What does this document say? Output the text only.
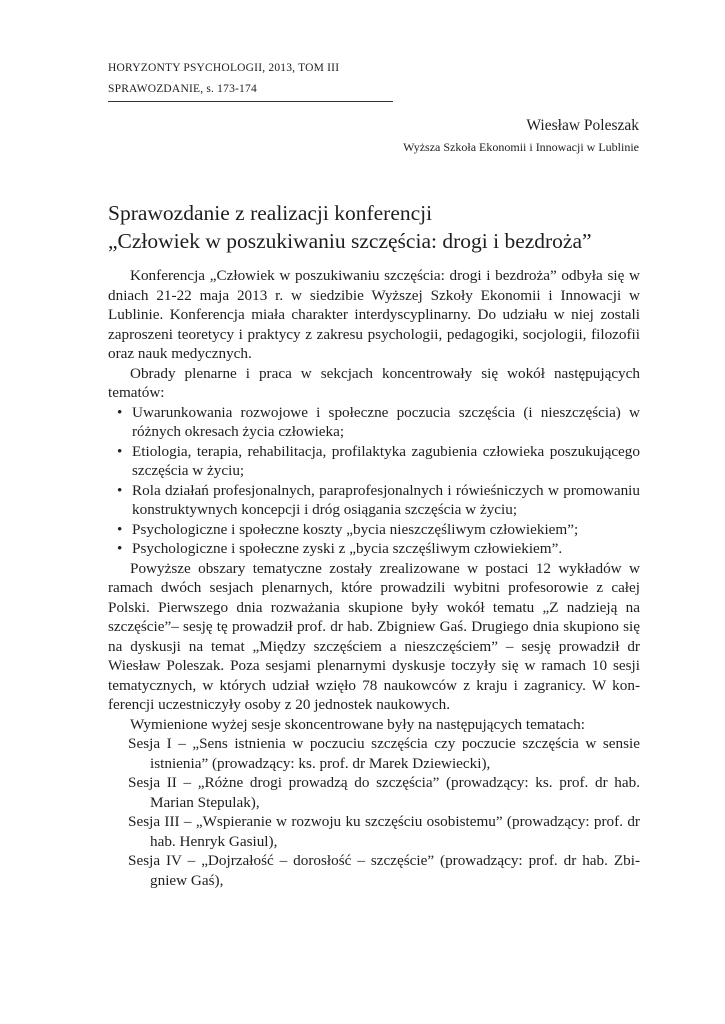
HORYZONTY PSYCHOLOGII, 2013, TOM III
SPRAWOZDANIE, s. 173-174
Wiesław Poleszak
Wyższa Szkoła Ekonomii i Innowacji w Lublinie
Sprawozdanie z realizacji konferencji
„Człowiek w poszukiwaniu szczęścia: drogi i bezdroża”

Konferencja „Człowiek w poszukiwaniu szczęścia: drogi i bezdroża” odbyła się w dniach 21-22 maja 2013 r. w siedzibie Wyższej Szkoły Ekonomii i Innowacji w Lublinie. Konferencja miała charakter interdyscyplinarny. Do udziału w niej zostali zaproszeni teoretycy i praktycy z zakresu psychologii, pedagogiki, socjologii, filozofii oraz nauk medycznych.

Obrady plenarne i praca w sekcjach koncentrowały się wokół następujących tematów:

• Uwarunkowania rozwojowe i społeczne poczucia szczęścia (i nieszczęścia) w różnych okresach życia człowieka;
• Etiologia, terapia, rehabilitacja, profilaktyka zagubienia człowieka poszukującego szczęścia w życiu;
• Rola działań profesjonalnych, paraprofesjonalnych i rówieśniczych w promowaniu konstruktywnych koncepcji i dróg osiągania szczęścia w życiu;
• Psychologiczne i społeczne koszty „bycia nieszczęśliwym człowiekiem”;
• Psychologiczne i społeczne zyski z „bycia szczęśliwym człowiekiem”.

Powyższe obszary tematyczne zostały zrealizowane w postaci 12 wykładów w ramach dwóch sesjach plenarnych, które prowadzili wybitni profesorowie z całej Polski. Pierwszego dnia rozważania skupione były wokół tematu „Z nadzieją na szczęście”– sesję tę prowadził prof. dr hab. Zbigniew Gaś. Drugiego dnia skupiono się na dyskusji na temat „Między szczęściem a nieszczęściem” – sesję prowadził dr Wiesław Poleszak. Poza sesjami plenarnymi dyskusje toczyły się w ramach 10 sesji tematycznych, w których udział wzięło 78 naukowców z kraju i zagranicy. W konferencji uczestniczyły osoby z 20 jednostek naukowych.

Wymienione wyżej sesje skoncentrowane były na następujących tematach:

Sesja I – „Sens istnienia w poczuciu szczęścia czy poczucie szczęścia w sensie istnienia” (prowadzący: ks. prof. dr Marek Dziewiecki),
Sesja II – „Różne drogi prowadzą do szczęścia” (prowadzący: ks. prof. dr hab. Marian Stepulak),
Sesja III – „Wspieranie w rozwoju ku szczęściu osobistemu” (prowadzący: prof. dr hab. Henryk Gasiul),
Sesja IV – „Dojrzałość – dorosłość – szczęście” (prowadzący: prof. dr hab. Zbigniew Gaś),
